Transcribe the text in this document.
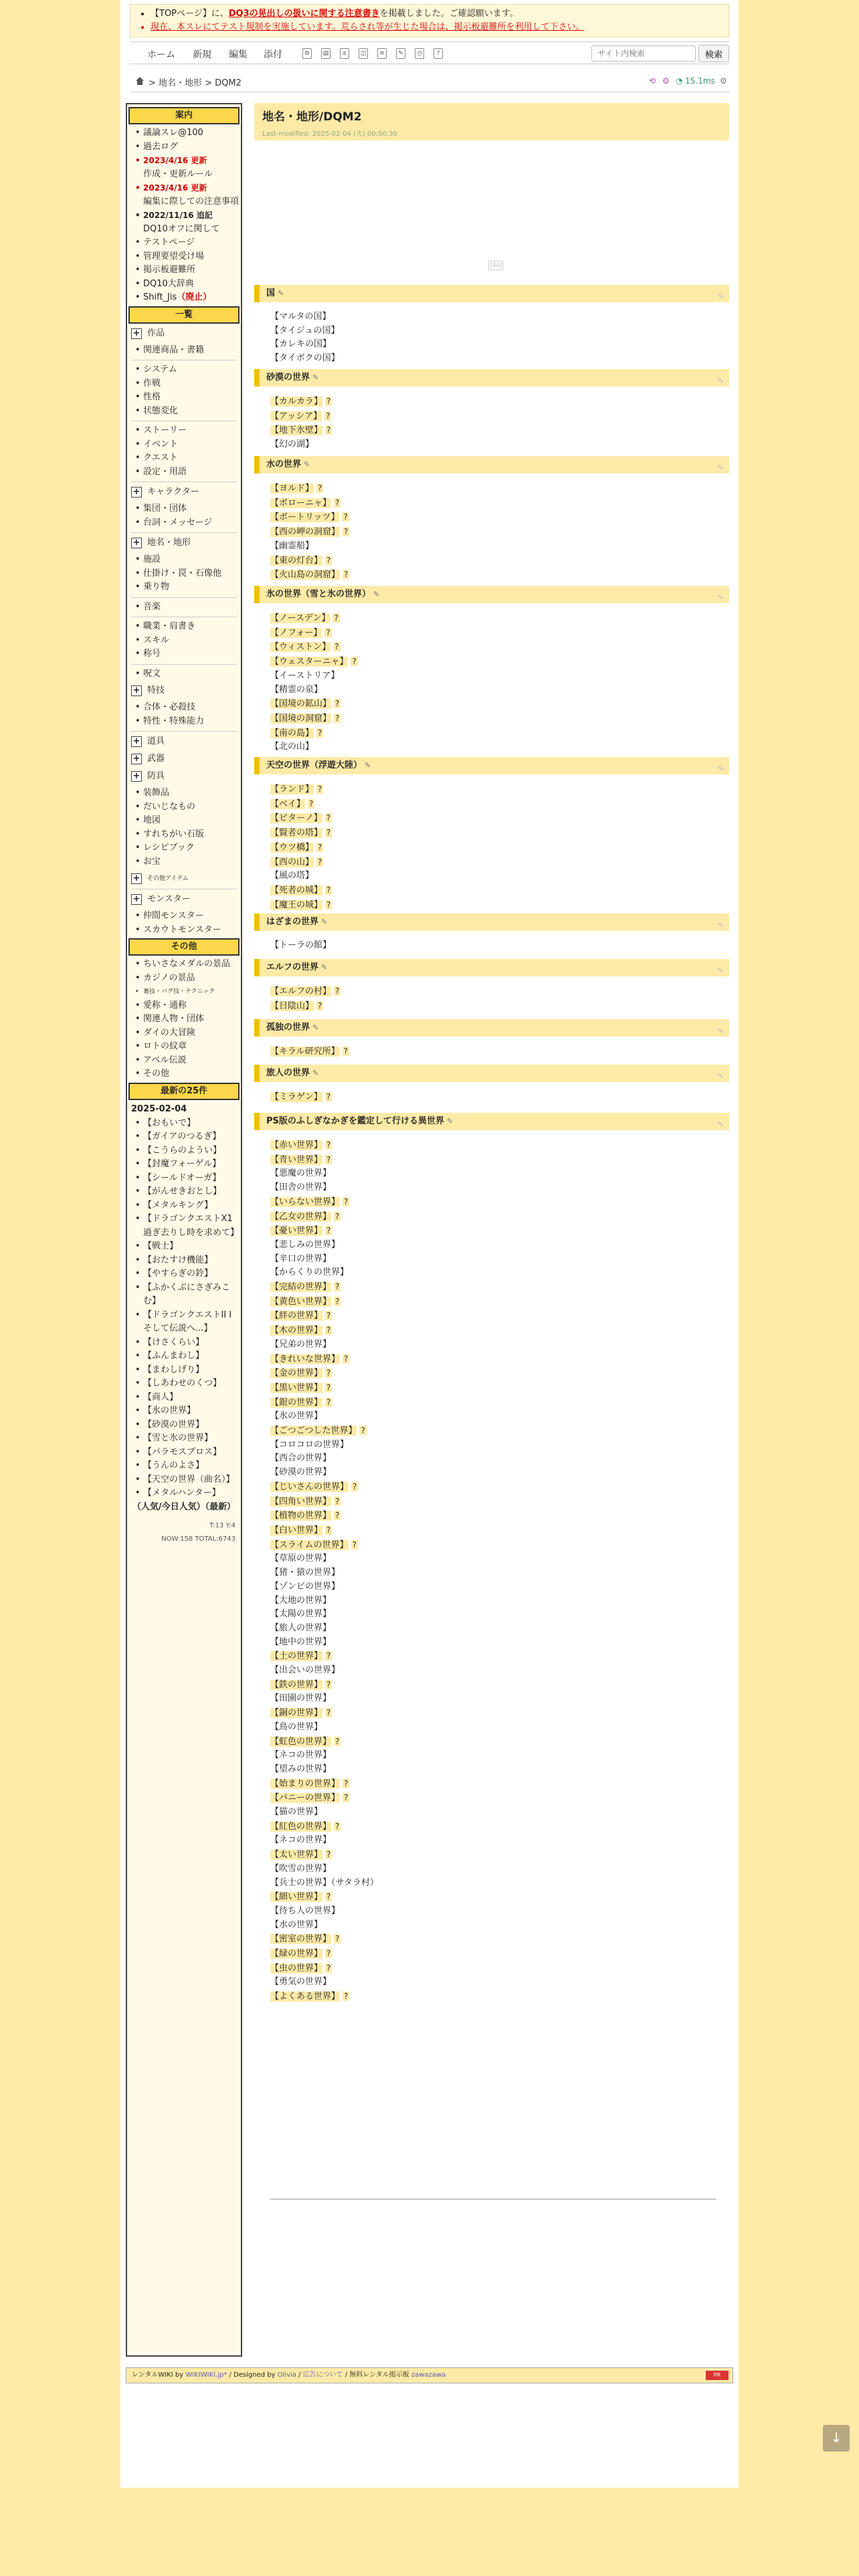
• 【TOPページ】に、DQ3の晃出しの扱いに関する注意書きを掲載しました。ご確認願います。
• 現在、本スレにてテスト規制を実施しています。荒らされ等が生じた場合は、掲示板避難所を利用して下さい。
ホーム 新規 編集 添付	⧉	▤	±	◫	≡	✎	◷	?
サイト内検索	検索
> 地名・地形 > DQM2	⟲ ⚙ ◔ 15.1ms ⚙
案内
• 議論スレ@100
• 過去ログ
• 2023/4/16 更新
作成・更新ルール
• 2023/4/16 更新
編集に際しての注意事項
• 2022/11/16 追記
DQ10オフに関して
• テストページ
• 管理要望受け場
• 掲示板避難所
• DQ10大辞典
• Shift_Jis（廃止）
一覧
+ 作品
• 関連商品・書籍
• システム
• 作戦
• 性格
• 状態変化
• ストーリー
• イベント
• クエスト
• 設定・用語
+ キャラクター
• 集団・団体
• 台詞・メッセージ
+ 地名・地形
• 施設
• 仕掛け・罠・石像他
• 乗り物
• 音楽
• 職業・肩書き
• スキル
• 称号
• 呪文
+ 特技
• 合体・必殺技
• 特性・特殊能力
+ 道具
+ 武器
+ 防具
• 装飾品
• だいじなもの
• 地図
• すれちがい石版
• レシピブック
• お宝
+ その他アイテム
+ モンスター
• 仲間モンスター
• スカウトモンスター
その他
• ちいさなメダルの景品
• カジノの景品
• 裏技・バグ技・テクニック
• 愛称・通称
• 関連人物・団体
• ダイの大冒険
• ロトの紋章
• アベル伝説
• その他
最新の25件
2025-02-04
• 【おもいで】
• 【ガイアのつるぎ】
• 【こうらのようい】
• 【封魔フォーゲル】
• 【シールドオーガ】
• 【がんせきおとし】
• 【メタルキング】
• 【ドラゴンクエストX1 過ぎ去りし時を求めて】
• 【戦士】
• 【おたすけ機能】
• 【やすらぎの鈴】
• 【ふかくぶにさぎみこむ】
• 【ドラゴンクエストII I そして伝説へ...】
• 【けさくらい】
• 【ふんまわし】
• 【まわしげり】
• 【しあわせのくつ】
• 【商人】
• 【氷の世界】
• 【砂漠の世界】
• 【雪と氷の世界】
• 【パラモスブロス】
• 【うんのよさ】
• 【天空の世界（曲名）】
• 【メタルハンター】
（人気/今日人気）（最新）
T:13 Y:4
NOW:158 TOTAL:6743
地名・地形/DQM2
Last-modified: 2025-02-04 (火) 00:50:30
[Ad]
国 ✎	✎
【マルタの国】
【タイジュの国】
【カレキの国】
【タイボクの国】
砂漠の世界 ✎	✎
【カルカラ】 ?
【アッシア】 ?
【地下氷壁】 ?
【幻の湖】
水の世界 ✎	✎
【ヨルド】 ?
【ボローニャ】 ?
【ボートリッツ】 ?
【西の岬の洞窟】 ?
【幽霊船】
【東の灯台】 ?
【火山島の洞窟】 ?
氷の世界（雪と氷の世界） ✎	✎
【ノースデン】 ?
【ノフォー】 ?
【ウィストン】 ?
【ウェスターニャ】 ?
【イーストリア】
【精霊の泉】
【国境の鉱山】 ?
【国境の洞窟】 ?
【南の島】 ?
【北の山】
天空の世界（浮遊大陸） ✎	✎
【ランド】 ?
【ベイ】 ?
【ピターノ】 ?
【賢者の塔】 ?
【ウツ橋】 ?
【西の山】 ?
【風の塔】
【死者の城】 ?
【魔王の城】 ?
はざまの世界 ✎	✎
【トーラの館】
エルフの世界 ✎	✎
【エルフの村】 ?
【日陰山】 ?
孤独の世界 ✎	✎
【キラル研究所】 ?
旅人の世界 ✎	✎
【ミラゲン】 ?
PS版のふしぎなかぎを鑑定して行ける異世界 ✎	✎
【赤い世界】 ?
【青い世界】 ?
【悪魔の世界】
【田舎の世界】
【いらない世界】 ?
【乙女の世界】 ?
【憂い世界】 ?
【悲しみの世界】
【辛口の世界】
【からくりの世界】
【完結の世界】 ?
【黄色い世界】 ?
【絆の世界】 ?
【木の世界】 ?
【兄弟の世界】
【きれいな世界】 ?
【金の世界】 ?
【黒い世界】 ?
【銀の世界】 ?
【氷の世界】
【ごつごつした世界】 ?
【コロコロの世界】
【西合の世界】
【砂漠の世界】
【じいさんの世界】 ?
【四角い世界】 ?
【植物の世界】 ?
【白い世界】 ?
【スライムの世界】 ?
【草原の世界】
【猪・猿の世界】
【ゾンビの世界】
【大地の世界】
【太陽の世界】
【旅人の世界】
【地中の世界】
【土の世界】 ?
【出会いの世界】
【鉄の世界】 ?
【田園の世界】
【銅の世界】 ?
【鳥の世界】
【虹色の世界】 ?
【ネコの世界】
【望みの世界】
【始まりの世界】 ?
【バニーの世界】 ?
【猫の世界】
【紅色の世界】 ?
【ネコの世界】
【太い世界】 ?
【吹雪の世界】
【兵士の世界】（サタラ村）
【細い世界】 ?
【待ち人の世界】
【水の世界】
【密室の世界】 ?
【緑の世界】 ?
【虫の世界】 ?
【勇気の世界】
【よくある世界】 ?
レンタルWIKI by WIKIWIKI.jp* / Designed by Olivia / 広告について / 無料レンタル掲示板 zawazawa	PR
↓
